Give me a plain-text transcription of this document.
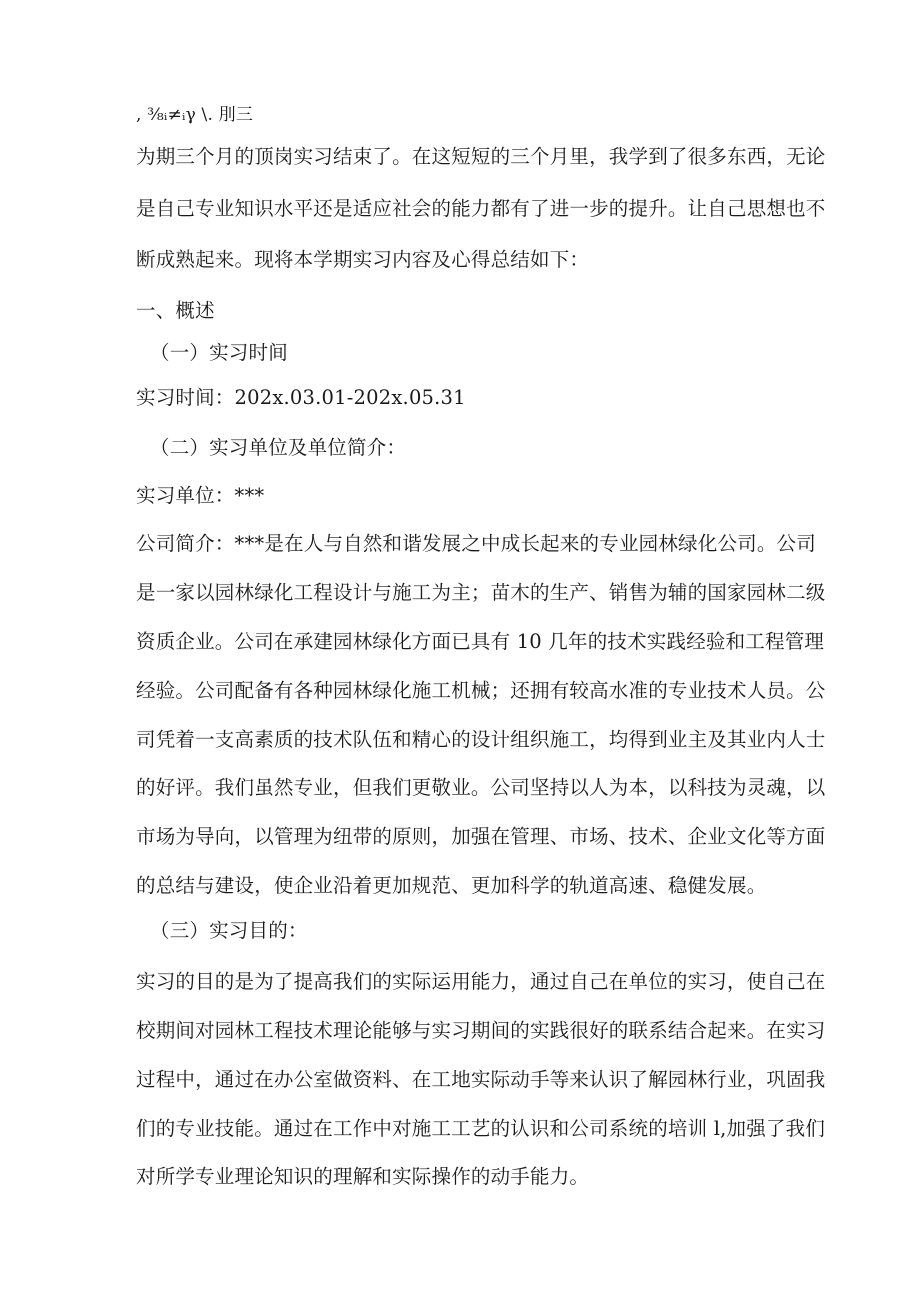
, ⅜ᵢ≠ᵢγ \. 刖三
为期三个月的顶岗实习结束了。在这短短的三个月里，我学到了很多东西，无论
是自己专业知识水平还是适应社会的能力都有了进一步的提升。让自己思想也不
断成熟起来。现将本学期实习内容及心得总结如下：
一、概述
（一）实习时间
实习时间：202x.03.01-202x.05.31
（二）实习单位及单位简介：
实习单位：***
公司简介：***是在人与自然和谐发展之中成长起来的专业园林绿化公司。公司
是一家以园林绿化工程设计与施工为主；苗木的生产、销售为辅的国家园林二级
资质企业。公司在承建园林绿化方面已具有 10 几年的技术实践经验和工程管理
经验。公司配备有各种园林绿化施工机械；还拥有较高水准的专业技术人员。公
司凭着一支高素质的技术队伍和精心的设计组织施工，均得到业主及其业内人士
的好评。我们虽然专业，但我们更敬业。公司坚持以人为本，以科技为灵魂，以
市场为导向，以管理为纽带的原则，加强在管理、市场、技术、企业文化等方面
的总结与建设，使企业沿着更加规范、更加科学的轨道高速、稳健发展。
（三）实习目的：
实习的目的是为了提高我们的实际运用能力，通过自己在单位的实习，使自己在
校期间对园林工程技术理论能够与实习期间的实践很好的联系结合起来。在实习
过程中，通过在办公室做资料、在工地实际动手等来认识了解园林行业，巩固我
们的专业技能。通过在工作中对施工工艺的认识和公司系统的培训 l,加强了我们
对所学专业理论知识的理解和实际操作的动手能力。
